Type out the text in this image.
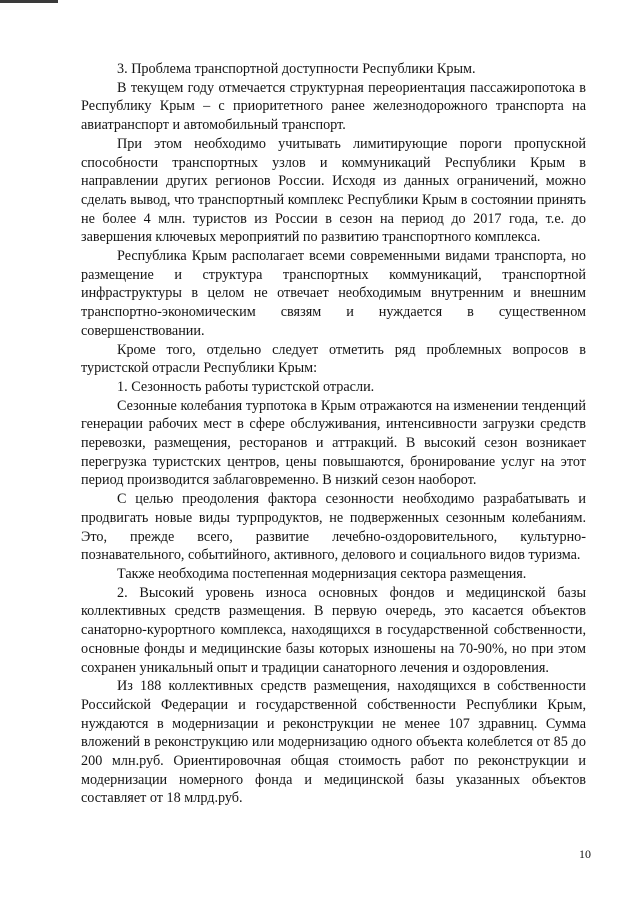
3. Проблема транспортной доступности Республики Крым.

В текущем году отмечается структурная переориентация пассажиропотока в Республику Крым – с приоритетного ранее железнодорожного транспорта на авиатранспорт и автомобильный транспорт.

При этом необходимо учитывать лимитирующие пороги пропускной способности транспортных узлов и коммуникаций Республики Крым в направлении других регионов России. Исходя из данных ограничений, можно сделать вывод, что транспортный комплекс Республики Крым в состоянии принять не более 4 млн. туристов из России в сезон на период до 2017 года, т.е. до завершения ключевых мероприятий по развитию транспортного комплекса.

Республика Крым располагает всеми современными видами транспорта, но размещение и структура транспортных коммуникаций, транспортной инфраструктуры в целом не отвечает необходимым внутренним и внешним транспортно-экономическим связям и нуждается в существенном совершенствовании.

Кроме того, отдельно следует отметить ряд проблемных вопросов в туристской отрасли Республики Крым:

1. Сезонность работы туристской отрасли.

Сезонные колебания турпотока в Крым отражаются на изменении тенденций генерации рабочих мест в сфере обслуживания, интенсивности загрузки средств перевозки, размещения, ресторанов и аттракций. В высокий сезон возникает перегрузка туристских центров, цены повышаются, бронирование услуг на этот период производится заблаговременно. В низкий сезон наоборот.

С целью преодоления фактора сезонности необходимо разрабатывать и продвигать новые виды турпродуктов, не подверженных сезонным колебаниям. Это, прежде всего, развитие лечебно-оздоровительного, культурно-познавательного, событийного, активного, делового и социального видов туризма.

Также необходима постепенная модернизация сектора размещения.

2. Высокий уровень износа основных фондов и медицинской базы коллективных средств размещения. В первую очередь, это касается объектов санаторно-курортного комплекса, находящихся в государственной собственности, основные фонды и медицинские базы которых изношены на 70-90%, но при этом сохранен уникальный опыт и традиции санаторного лечения и оздоровления.

Из 188 коллективных средств размещения, находящихся в собственности Российской Федерации и государственной собственности Республики Крым, нуждаются в модернизации и реконструкции не менее 107 здравниц. Сумма вложений в реконструкцию или модернизацию одного объекта колеблется от 85 до 200 млн.руб. Ориентировочная общая стоимость работ по реконструкции и модернизации номерного фонда и медицинской базы указанных объектов составляет от 18 млрд.руб.

10
